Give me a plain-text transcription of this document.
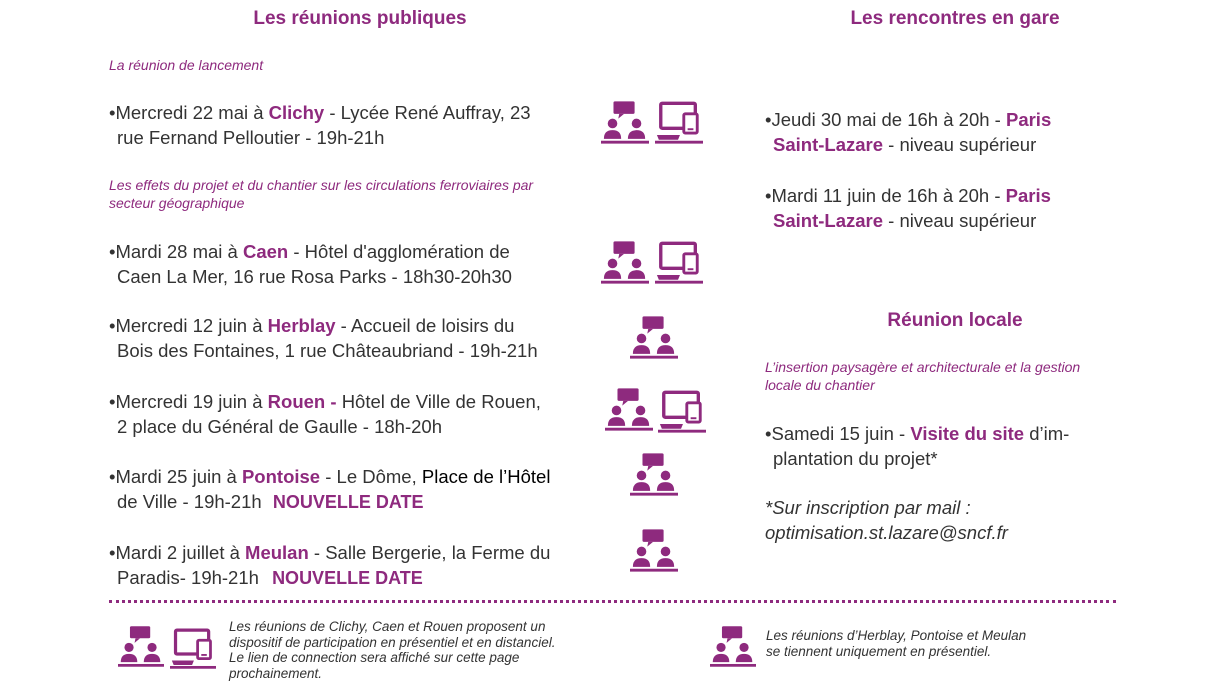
Les réunions publiques
La réunion de lancement
•Mercredi 22 mai à Clichy - Lycée René Auffray, 23
rue Fernand Pelloutier - 19h-21h
Les effets du projet et du chantier sur les circulations ferroviaires par
secteur géographique
•Mardi 28 mai à Caen - Hôtel d'agglomération de
Caen La Mer, 16 rue Rosa Parks - 18h30-20h30
•Mercredi 12 juin à Herblay - Accueil de loisirs du
Bois des Fontaines, 1 rue Châteaubriand - 19h-21h
•Mercredi 19 juin à Rouen - Hôtel de Ville de Rouen,
2 place du Général de Gaulle - 18h-20h
•Mardi 25 juin à Pontoise - Le Dôme, Place de l’Hôtel
de Ville - 19h-21h NOUVELLE DATE
•Mardi 2 juillet à Meulan - Salle Bergerie, la Ferme du
Paradis- 19h-21h NOUVELLE DATE
Les rencontres en gare
•Jeudi 30 mai de 16h à 20h - Paris
Saint-Lazare - niveau supérieur
•Mardi 11 juin de 16h à 20h - Paris
Saint-Lazare - niveau supérieur
Réunion locale
L’insertion paysagère et architecturale et la gestion
locale du chantier
•Samedi 15 juin - Visite du site d’im-
plantation du projet*
*Sur inscription par mail :
optimisation.st.lazare@sncf.fr
Les réunions de Clichy, Caen et Rouen proposent un
dispositif de participation en présentiel et en distanciel.
Le lien de connection sera affiché sur cette page
prochainement.
Les réunions d’Herblay, Pontoise et Meulan
se tiennent uniquement en présentiel.
